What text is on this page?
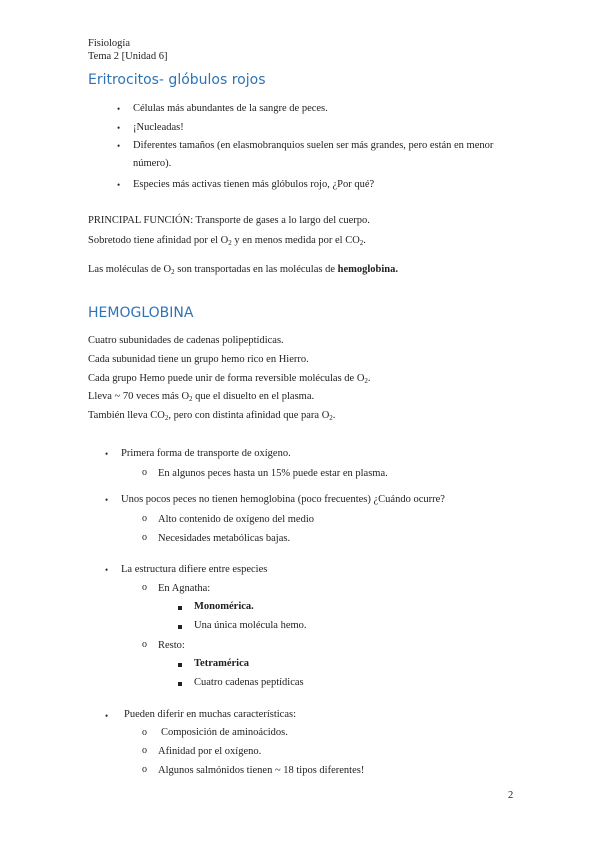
Fisiología
Tema 2 [Unidad 6]
Eritrocitos- glóbulos rojos
• Células más abundantes de la sangre de peces.
• ¡Nucleadas!
• Diferentes tamaños (en elasmobranquios suelen ser más grandes, pero están en menor
número).
• Especies más activas tienen más glóbulos rojo, ¿Por qué?
PRINCIPAL FUNCIÓN: Transporte de gases a lo largo del cuerpo.
Sobretodo tiene afinidad por el $O_2$ y en menos medida por el $CO_2$.
Las moléculas de $O_2$ son transportadas en las moléculas de hemoglobina.
HEMOGLOBINA
Cuatro subunidades de cadenas polipeptídicas.
Cada subunidad tiene un grupo hemo rico en Hierro.
Cada grupo Hemo puede unir de forma reversible moléculas de $O_2$.
Lleva ~ 70 veces más $O_2$ que el disuelto en el plasma.
También lleva $CO_2$, pero con distinta afinidad que para $O_2$.
• Primera forma de transporte de oxígeno.
o En algunos peces hasta un 15% puede estar en plasma.
• Unos pocos peces no tienen hemoglobina (poco frecuentes) ¿Cuándo ocurre?
o Alto contenido de oxígeno del medio
o Necesidades metabólicas bajas.
• La estructura difiere entre especies
o En Agnatha:
Monomérica.
Una única molécula hemo.
o Resto:
Tetramérica
Cuatro cadenas peptídicas
• Pueden diferir en muchas características:
o Composición de aminoácidos.
o Afinidad por el oxígeno.
o Algunos salmónidos tienen ~ 18 tipos diferentes!
2
